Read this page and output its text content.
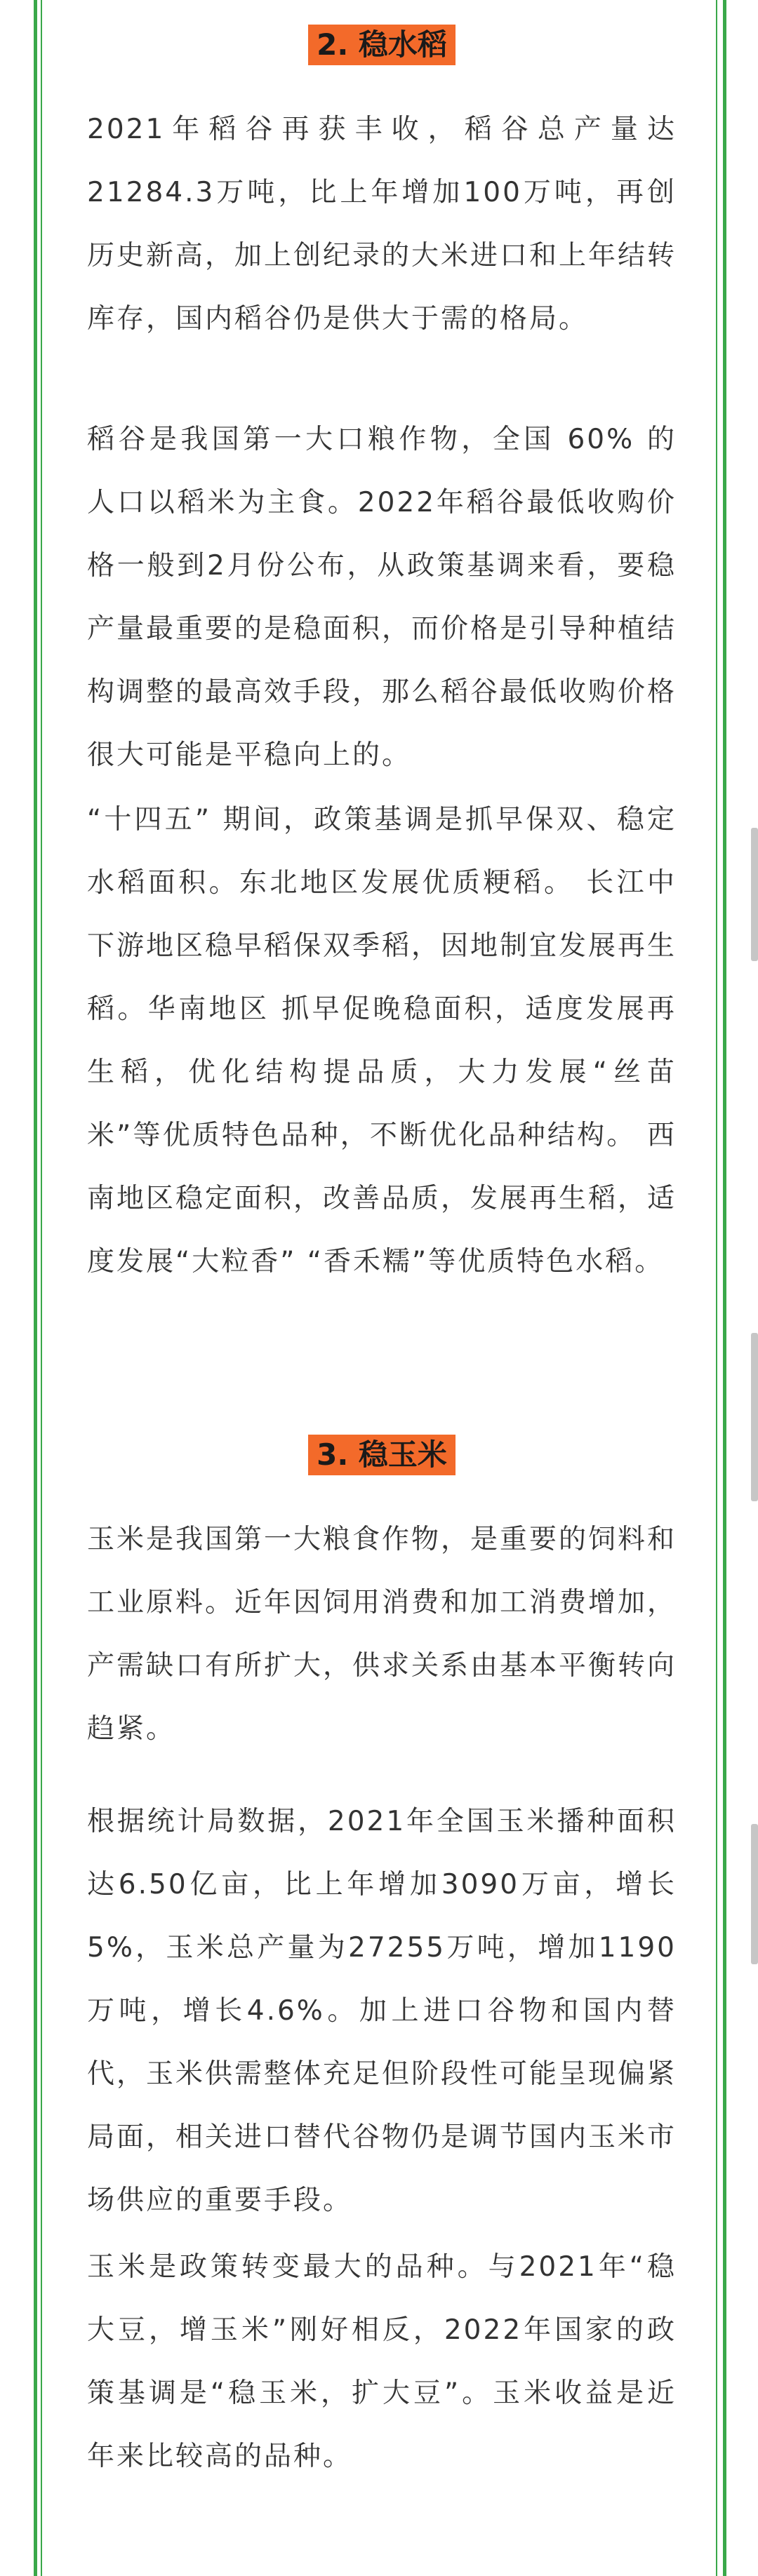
2. 稳水稻

2021年稻谷再获丰收，稻谷总产量达21284.3万吨，比上年增加100万吨，再创历史新高，加上创纪录的大米进口和上年结转库存，国内稻谷仍是供大于需的格局。

稻谷是我国第一大口粮作物，全国 60% 的人口以稻米为主食。2022年稻谷最低收购价格一般到2月份公布，从政策基调来看，要稳产量最重要的是稳面积，而价格是引导种植结构调整的最高效手段，那么稻谷最低收购价格很大可能是平稳向上的。

“十四五” 期间，政策基调是抓早保双、稳定水稻面积。东北地区发展优质粳稻。 长江中下游地区稳早稻保双季稻，因地制宜发展再生稻。华南地区 抓早促晚稳面积，适度发展再生稻，优化结构提品质，大力发展“丝苗米”等优质特色品种，不断优化品种结构。 西南地区稳定面积，改善品质，发展再生稻，适度发展“大粒香” “香禾糯”等优质特色水稻。

3. 稳玉米

玉米是我国第一大粮食作物，是重要的饲料和工业原料。近年因饲用消费和加工消费增加，产需缺口有所扩大，供求关系由基本平衡转向趋紧。

根据统计局数据，2021年全国玉米播种面积达6.50亿亩，比上年增加3090万亩，增长5%，玉米总产量为27255万吨，增加1190万吨，增长4.6%。加上进口谷物和国内替代，玉米供需整体充足但阶段性可能呈现偏紧局面，相关进口替代谷物仍是调节国内玉米市场供应的重要手段。

玉米是政策转变最大的品种。与2021年“稳大豆，增玉米”刚好相反，2022年国家的政策基调是“稳玉米，扩大豆”。玉米收益是近年来比较高的品种。
